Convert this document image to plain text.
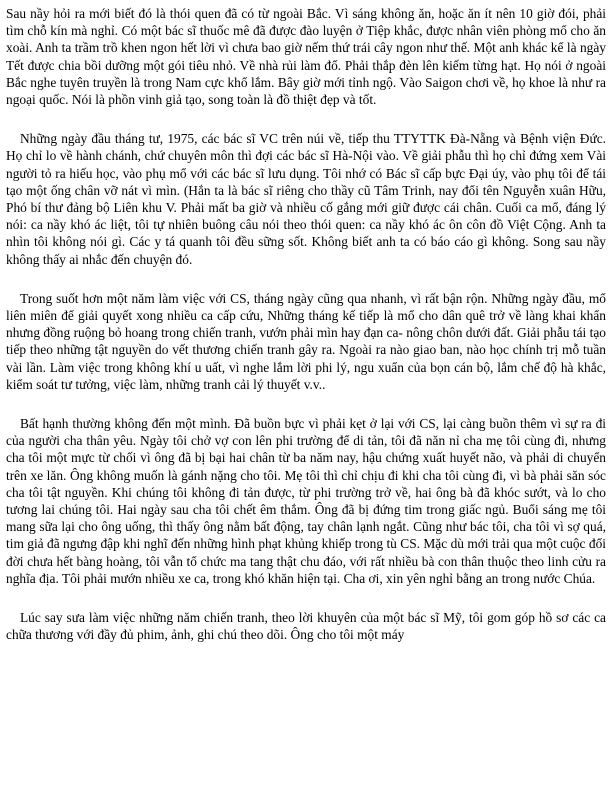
Sau nầy hỏi ra mới biết đó là thói quen đã có từ ngoài Bắc. Vì sáng không ăn, hoặc ăn ít nên 10 giờ đói, phải tìm chỗ kín mà nghỉ. Có một bác sĩ thuốc mê đã được đào luyện ở Tiệp khắc, được nhân viên phòng mổ cho ăn xoài. Anh ta trầm trồ khen ngon hết lời vì chưa bao giờ nếm thứ trái cây ngon như thế. Một anh khác kể là ngày Tết được chia bồi dưỡng một gói tiêu nhỏ. Về nhà rủi làm đổ. Phải thắp đèn lên kiếm từng hạt. Họ nói ở ngoài Bắc nghe tuyên truyền là trong Nam cực khổ lắm. Bây giờ mới tỉnh ngộ. Vào Saigon chơi về, họ khoe là như ra ngoại quốc. Nói là phồn vinh giả tạo, song toàn là đồ thiệt đẹp và tốt.

Những ngày đầu tháng tư, 1975, các bác sĩ VC trên núi về, tiếp thu TTYTTK Đà-Nẵng và Bệnh viện Đức. Họ chỉ lo về hành chánh, chứ chuyên môn thì đợi các bác sĩ Hà-Nội vào. Về giải phẫu thì họ chỉ đứng xem Vài người tỏ ra hiếu học, vào phụ mổ với các bác sĩ lưu dụng. Tôi nhớ có Bác sĩ cấp bực Đại úy, vào phụ tôi để tái tạo một ống chân vỡ nát vì mìn. (Hắn ta là bác sĩ riêng cho thầy cũ Tâm Trinh, nay đổi tên Nguyễn xuân Hữu, Phó bí thư đảng bộ Liên khu V. Phải mất ba giờ và nhiều cố gắng mới giữ được cái chân. Cuối ca mổ, đáng lý nói: ca nầy khó ác liệt, tôi tự nhiên buông câu nói theo thói quen: ca nầy khó ác ôn côn đồ Việt Cộng. Anh ta nhìn tôi không nói gì. Các y tá quanh tôi đều sững sốt. Không biết anh ta có báo cáo gì không. Song sau nầy không thấy ai nhắc đến chuyện đó.

Trong suốt hơn một năm làm việc với CS, tháng ngày cũng qua nhanh, vì rất bận rộn. Những ngày đầu, mổ liên miên để giải quyết xong nhiều ca cấp cứu, Những tháng kế tiếp là mổ cho dân quê trở về làng khai khẩn nhưng đồng ruộng bỏ hoang trong chiến tranh, vướn phải mìn hay đạn ca- nông chôn dưới đất. Giải phẫu tái tạo tiếp theo những tật nguyền do vết thương chiến tranh gây ra. Ngoài ra nào giao ban, nào học chính trị mỗ tuần vài lần. Làm việc trong không khí u uất, vì nghe lắm lời phi lý, ngu xuẩn của bọn cán bộ, lắm chế độ hà khắc, kiểm soát tư tưởng, việc làm, những tranh cải lý thuyết v.v..

Bất hạnh thường không đến một mình. Đã buồn bực vì phải kẹt ở lại với CS, lại càng buồn thêm vì sự ra đi của người cha thân yêu. Ngày tôi chở vợ con lên phi trường để di tản, tôi đã năn nỉ cha mẹ tôi cùng đi, nhưng cha tôi một mực từ chối vì ông đã bị bại hai chân từ ba năm nay, hậu chứng xuất huyết não, và phải di chuyển trên xe lăn. Ông không muốn là gánh nặng cho tôi. Mẹ tôi thì chỉ chịu đi khi cha tôi cùng đi, vì bà phải săn sóc cha tôi tật nguyền. Khi chúng tôi không đi tản được, từ phi trường trở về, hai ông bà đã khóc sướt, và lo cho tương lai chúng tôi. Hai ngày sau cha tôi chết êm thắm. Ông đã bị đứng tim trong giấc ngủ. Buổi sáng mẹ tôi mang sữa lại cho ông uống, thì thấy ông nằm bất động, tay chân lạnh ngắt. Cũng như bác tôi, cha tôi vì sợ quá, tim giả đã ngưng đập khi nghĩ đến những hình phạt khủng khiếp trong tù CS. Mặc dù mới trải qua một cuộc đổi đời chưa hết bàng hoàng, tôi vẫn tổ chức ma tang thật chu đáo, với rất nhiều bà con thân thuộc theo linh cửu ra nghĩa địa. Tôi phải mướn nhiều xe ca, trong khó khăn hiện tại. Cha ơi, xin yên nghỉ bằng an trong nước Chúa.

Lúc say sưa làm việc những năm chiến tranh, theo lời khuyên của một bác sĩ Mỹ, tôi gom góp hồ sơ các ca chữa thương với đầy đủ phim, ảnh, ghi chú theo dõi. Ông cho tôi một máy
